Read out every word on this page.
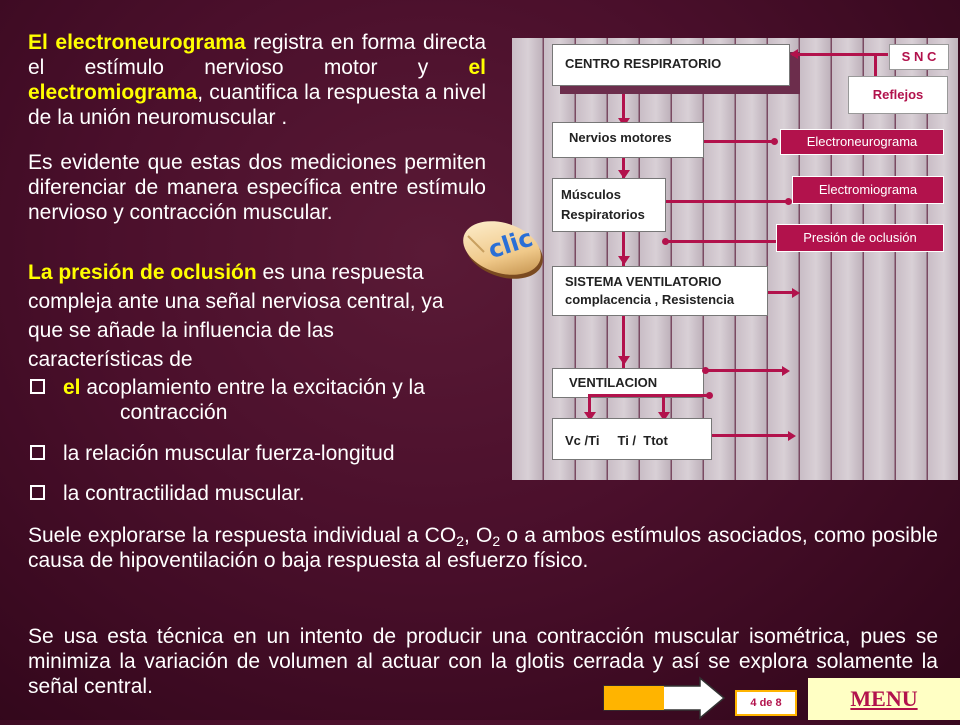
El electroneurograma registra en forma directa el estímulo nervioso motor y el electromiograma, cuantifica la respuesta a nivel de la unión neuromuscular .
Es evidente que estas dos mediciones permiten diferenciar de manera específica entre estímulo nervioso y contracción muscular.
La presión de oclusión es una respuesta
compleja ante una señal nerviosa central, ya
que se añade la influencia de las
características de
el acoplamiento entre la excitación y la
contracción
la relación muscular fuerza-longitud
la contractilidad muscular.
Suele explorarse la respuesta individual a $CO_2$, $O_2$ o a ambos estímulos asociados, como posible causa de hipoventilación o baja respuesta al esfuerzo físico.
Se usa esta técnica en un intento de producir una contracción muscular isométrica, pues se minimiza la variación de volumen al actuar con la glotis cerrada y así se explora solamente la señal central.
CENTRO RESPIRATORIO	S N C
Reflejos
Nervios motores	Electroneurograma
Músculos
Respiratorios
Electromiograma
Presión de oclusión
SISTEMA VENTILATORIO
complacencia , Resistencia
VENTILACION
Vc /Ti     Ti /  Ttot
clic
4 de 8	MENU
